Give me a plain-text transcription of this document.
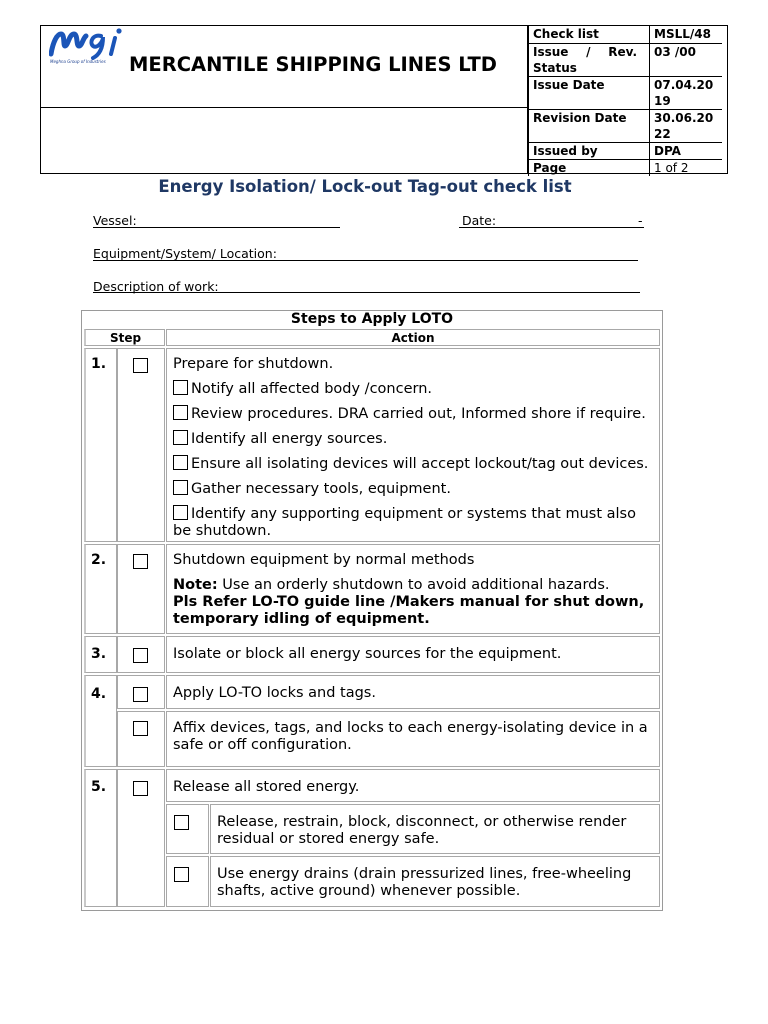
Meghna Group of Industries MERCANTILE SHIPPING LINES LTD
Check list	MSLL/48
Issue / Rev. Status	03 /00
Issue Date	07.04.2019
Revision Date	30.06.2022
Issued by	DPA
Page	1 of 2
Energy Isolation/ Lock-out Tag-out check list
Vessel:	Date:	-
Equipment/System/ Location:
Description of work:
Steps to Apply LOTO
Step	Action
1.	Prepare for shutdown.
Notify all affected body /concern.
Review procedures. DRA carried out, Informed shore if require.
Identify all energy sources.
Ensure all isolating devices will accept lockout/tag out devices.
Gather necessary tools, equipment.
Identify any supporting equipment or systems that must also be shutdown.
2.	Shutdown equipment by normal methods
Note: Use an orderly shutdown to avoid additional hazards.
Pls Refer LO-TO guide line /Makers manual for shut down, temporary idling of equipment.
3.	Isolate or block all energy sources for the equipment.
4.	Apply LO-TO locks and tags.
Affix devices, tags, and locks to each energy-isolating device in a safe or off configuration.
5.	Release all stored energy.
Release, restrain, block, disconnect, or otherwise render residual or stored energy safe.
Use energy drains (drain pressurized lines, free-wheeling shafts, active ground) whenever possible.
